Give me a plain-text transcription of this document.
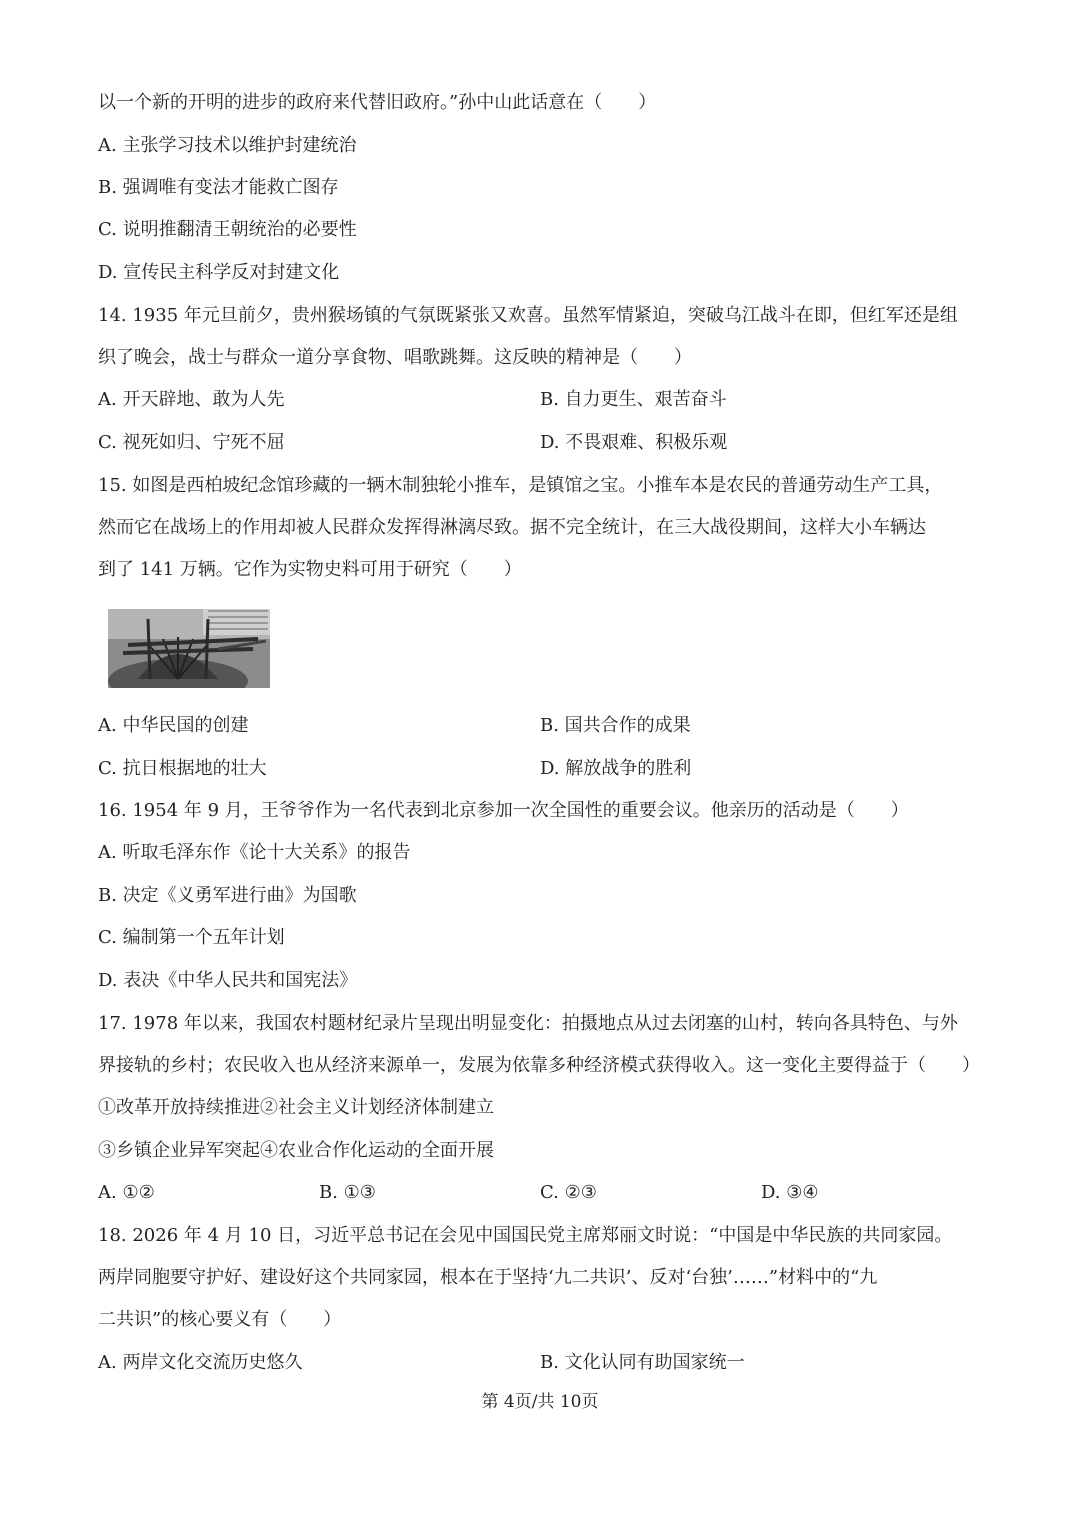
以一个新的开明的进步的政府来代替旧政府。”孙中山此话意在（　　）
A. 主张学习技术以维护封建统治
B. 强调唯有变法才能救亡图存
C. 说明推翻清王朝统治的必要性
D. 宣传民主科学反对封建文化
14. 1935 年元旦前夕，贵州猴场镇的气氛既紧张又欢喜。虽然军情紧迫，突破乌江战斗在即，但红军还是组
织了晚会，战士与群众一道分享食物、唱歌跳舞。这反映的精神是（　　）
A. 开天辟地、敢为人先	B. 自力更生、艰苦奋斗
C. 视死如归、宁死不屈	D. 不畏艰难、积极乐观
15. 如图是西柏坡纪念馆珍藏的一辆木制独轮小推车，是镇馆之宝。小推车本是农民的普通劳动生产工具，
然而它在战场上的作用却被人民群众发挥得淋漓尽致。据不完全统计，在三大战役期间，这样大小车辆达
到了 141 万辆。它作为实物史料可用于研究（　　）
A. 中华民国的创建	B. 国共合作的成果
C. 抗日根据地的壮大	D. 解放战争的胜利
16. 1954 年 9 月，王爷爷作为一名代表到北京参加一次全国性的重要会议。他亲历的活动是（　　）
A. 听取毛泽东作《论十大关系》的报告
B. 决定《义勇军进行曲》为国歌
C. 编制第一个五年计划
D. 表决《中华人民共和国宪法》
17. 1978 年以来，我国农村题材纪录片呈现出明显变化：拍摄地点从过去闭塞的山村，转向各具特色、与外
界接轨的乡村；农民收入也从经济来源单一，发展为依靠多种经济模式获得收入。这一变化主要得益于（　　）
①改革开放持续推进②社会主义计划经济体制建立
③乡镇企业异军突起④农业合作化运动的全面开展
A. ①②	B. ①③	C. ②③	D. ③④
18. 2026 年 4 月 10 日，习近平总书记在会见中国国民党主席郑丽文时说：“中国是中华民族的共同家园。
两岸同胞要守护好、建设好这个共同家园，根本在于坚持‘九二共识’、反对‘台独’……”材料中的“九
二共识”的核心要义有（　　）
A. 两岸文化交流历史悠久	B. 文化认同有助国家统一
第 4页/共 10页
